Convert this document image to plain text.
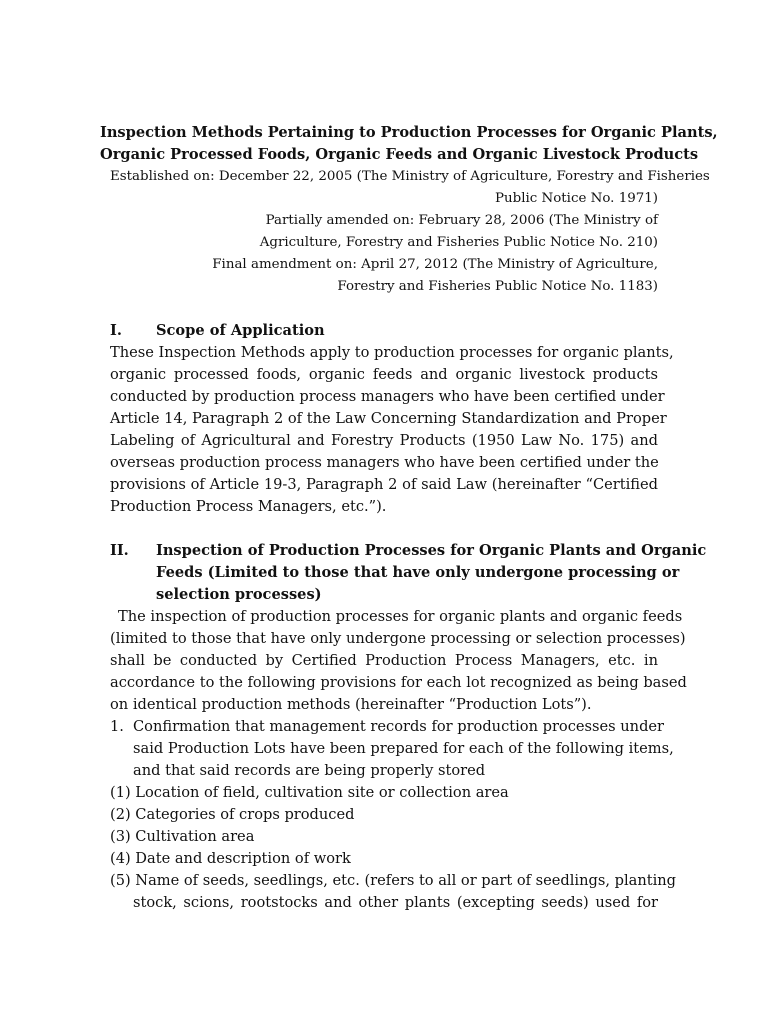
Inspection Methods Pertaining to Production Processes for Organic Plants,
Organic Processed Foods, Organic Feeds and Organic Livestock Products
Established on: December 22, 2005 (The Ministry of Agriculture, Forestry and Fisheries
Public Notice No. 1971)
Partially amended on: February 28, 2006 (The Ministry of
Agriculture, Forestry and Fisheries Public Notice No. 210)
Final amendment on: April 27, 2012 (The Ministry of Agriculture,
Forestry and Fisheries Public Notice No. 1183)
I. Scope of Application
These Inspection Methods apply to production processes for organic plants,
organic processed foods, organic feeds and organic livestock products
conducted by production process managers who have been certified under
Article 14, Paragraph 2 of the Law Concerning Standardization and Proper
Labeling of Agricultural and Forestry Products (1950 Law No. 175) and
overseas production process managers who have been certified under the
provisions of Article 19-3, Paragraph 2 of said Law (hereinafter “Certified
Production Process Managers, etc.”).
II.	Inspection of Production Processes for Organic Plants and Organic
Feeds (Limited to those that have only undergone processing or
selection processes)
The inspection of production processes for organic plants and organic feeds
(limited to those that have only undergone processing or selection processes)
shall be conducted by Certified Production Process Managers, etc. in
accordance to the following provisions for each lot recognized as being based
on identical production methods (hereinafter “Production Lots”).
1. Confirmation that management records for production processes under
said Production Lots have been prepared for each of the following items,
and that said records are being properly stored
(1) Location of field, cultivation site or collection area
(2) Categories of crops produced
(3) Cultivation area
(4) Date and description of work
(5) Name of seeds, seedlings, etc. (refers to all or part of seedlings, planting
stock, scions, rootstocks and other plants (excepting seeds) used for
